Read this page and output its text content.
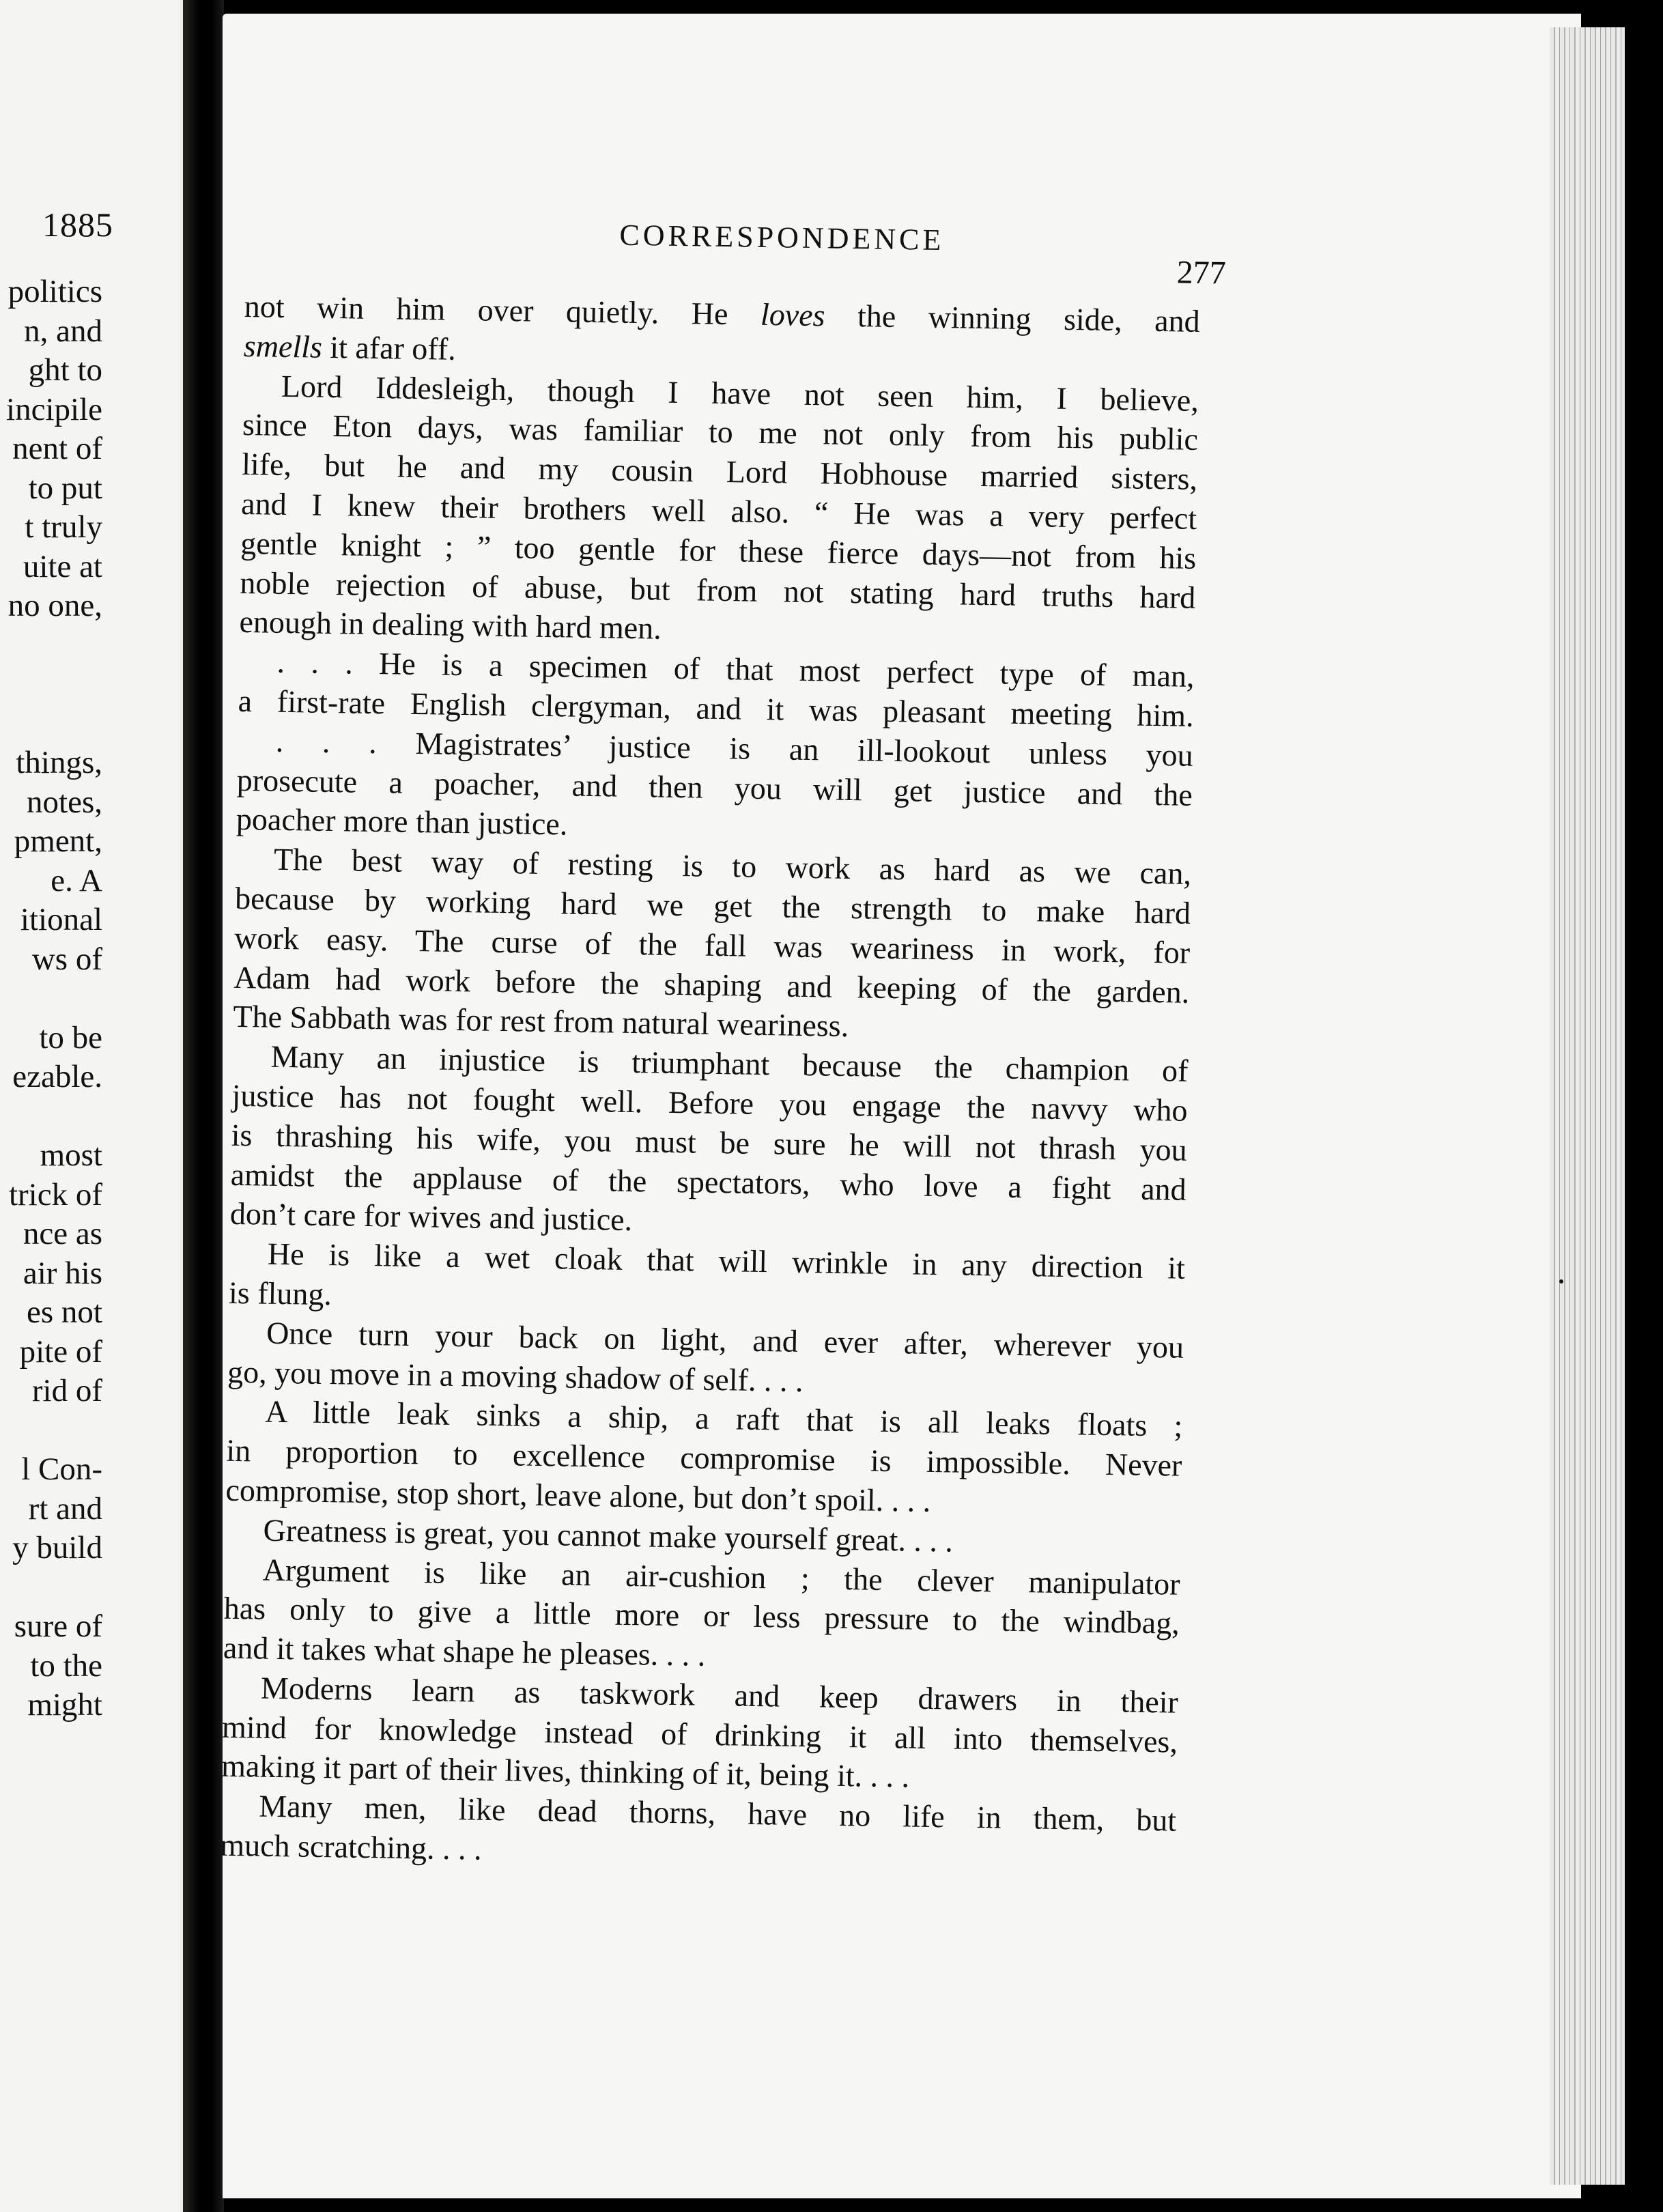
1885
politics
n, and
ght to
incipile
nent of
to put
t truly
uite at
no one,
things,
notes,
pment,
e. A
itional
ws of
to be
ezable.
most
trick of
nce as
air his
es not
pite of
rid of
l Con-
rt and
y build
sure of
to the
might
CORRESPONDENCE
277
not win him over quietly. He loves the winning side, and
smells it afar off.
Lord Iddesleigh, though I have not seen him, I believe,
since Eton days, was familiar to me not only from his public
life, but he and my cousin Lord Hobhouse married sisters,
and I knew their brothers well also. “ He was a very perfect
gentle knight ; ” too gentle for these fierce days—not from his
noble rejection of abuse, but from not stating hard truths hard
enough in dealing with hard men.
. . . He is a specimen of that most perfect type of man,
a first-rate English clergyman, and it was pleasant meeting him.
. . . Magistrates’ justice is an ill-lookout unless you
prosecute a poacher, and then you will get justice and the
poacher more than justice.
The best way of resting is to work as hard as we can,
because by working hard we get the strength to make hard
work easy. The curse of the fall was weariness in work, for
Adam had work before the shaping and keeping of the garden.
The Sabbath was for rest from natural weariness.
Many an injustice is triumphant because the champion of
justice has not fought well. Before you engage the navvy who
is thrashing his wife, you must be sure he will not thrash you
amidst the applause of the spectators, who love a fight and
don’t care for wives and justice.
He is like a wet cloak that will wrinkle in any direction it
is flung.
Once turn your back on light, and ever after, wherever you
go, you move in a moving shadow of self. . . .
A little leak sinks a ship, a raft that is all leaks floats ;
in proportion to excellence compromise is impossible. Never
compromise, stop short, leave alone, but don’t spoil. . . .
Greatness is great, you cannot make yourself great. . . .
Argument is like an air-cushion ; the clever manipulator
has only to give a little more or less pressure to the windbag,
and it takes what shape he pleases. . . .
Moderns learn as taskwork and keep drawers in their
mind for knowledge instead of drinking it all into themselves,
making it part of their lives, thinking of it, being it. . . .
Many men, like dead thorns, have no life in them, but
much scratching. . . .
